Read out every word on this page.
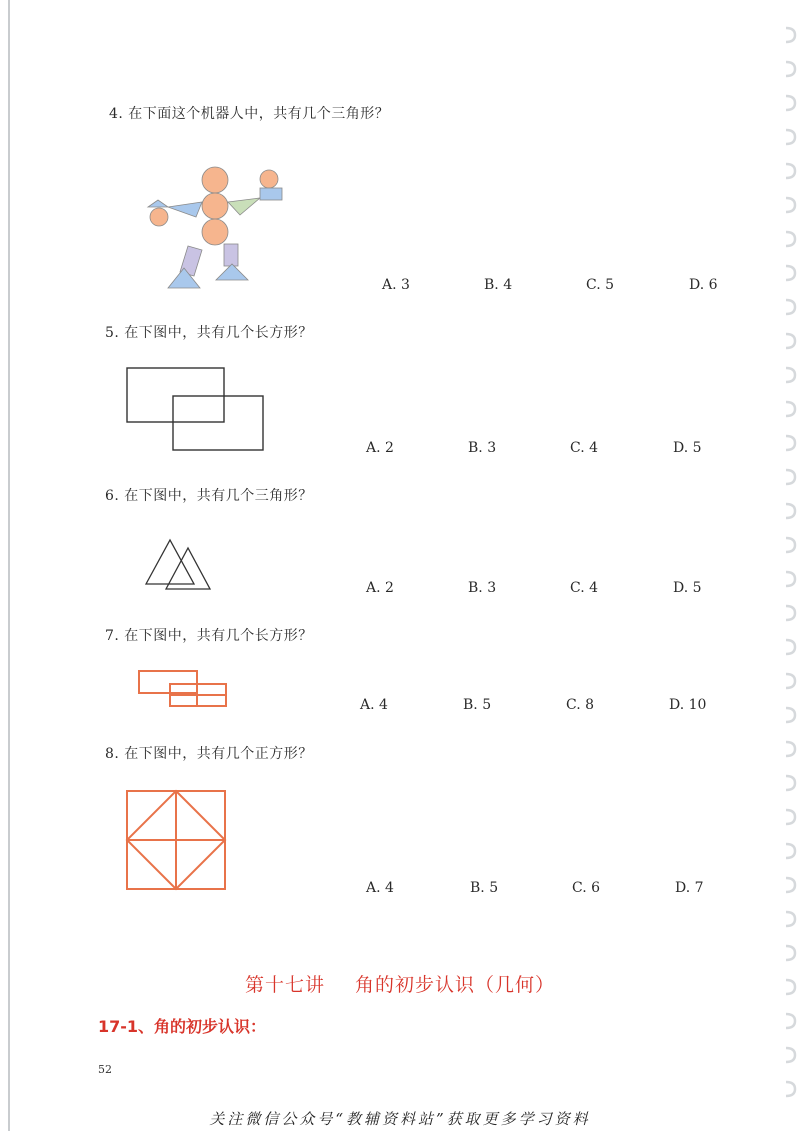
4. 在下面这个机器人中，共有几个三角形？
A. 3	B. 4	C. 5	D. 6
5. 在下图中，共有几个长方形？
A. 2	B. 3	C. 4	D. 5
6. 在下图中，共有几个三角形？
A. 2	B. 3	C. 4	D. 5
7. 在下图中，共有几个长方形？
A. 4	B. 5	C. 8	D. 10
8. 在下图中，共有几个正方形？
A. 4	B. 5	C. 6	D. 7
第十七讲 角的初步认识（几何）
17-1、角的初步认识：
52
关注微信公众号“教辅资料站”获取更多学习资料
